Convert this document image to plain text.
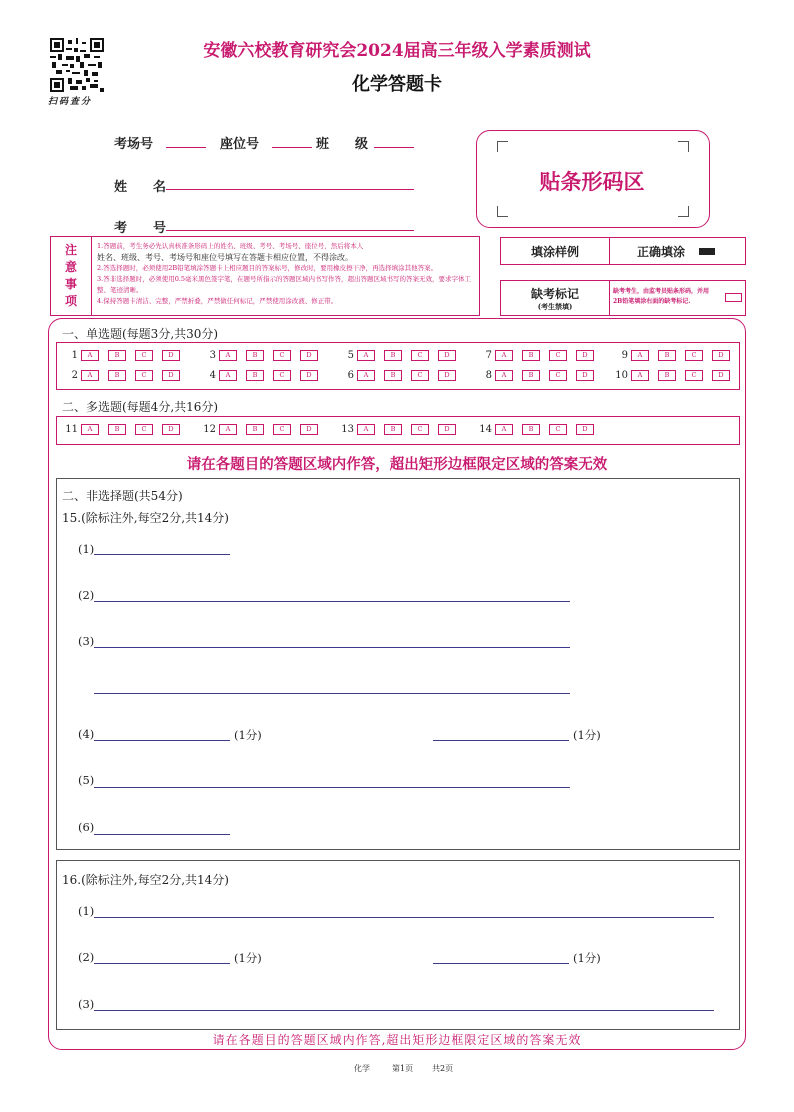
扫码查分
安徽六校教育研究会2024届高三年级入学素质测试
化学答题卡
考场号	座位号	班　　级
姓　　名
考　　号
贴条形码区
注
意
事
项
1.答题前，考生务必先认真核准条形码上的姓名、班级、考号、考场号、座位号，然后将本人
姓名、班级、考号、考场号和座位号填写在答题卡相应位置，不得涂改。
2.答选择题时，必须使用2B铅笔填涂答题卡上相应题目的答案标号，修改时，要用橡皮擦干净，再选择填涂其他答案。
3.答非选择题时，必须使用0.5毫米黑色签字笔，在题号所指示的答题区域内书写作答，超出答题区域书写的答案无效，要求字体工整、笔迹清晰。
4.保持答题卡清洁、完整，严禁折叠，严禁做任何标记，严禁使用涂改液、修正带。
填涂样例	正确填涂
缺考标记
(考生禁填)
缺考考生，由监考员贴条形码，并用2B铅笔填涂右面的缺考标记.
一、单选题(每题3分,共30分)
二、多选题(每题4分,共16分)
1	A	B	C	D	3	A	B	C	D	5	A	B	C	D	7	A	B	C	D	9	A	B	C	D
2	A	B	C	D	4	A	B	C	D	6	A	B	C	D	8	A	B	C	D	10	A	B	C	D
11	A	B	C	D	12	A	B	C	D	13	A	B	C	D	14	A	B	C	D
请在各题目的答题区域内作答，超出矩形边框限定区域的答案无效
二、非选择题(共54分)
15.(除标注外,每空2分,共14分)
(1)
(2)
(3)
(4)	(1分)	(1分)
(5)
(6)
16.(除标注外,每空2分,共14分)
(1)
(2)	(1分)	(1分)
(3)
请在各题目的答题区域内作答,超出矩形边框限定区域的答案无效
化学	第1页 共2页
